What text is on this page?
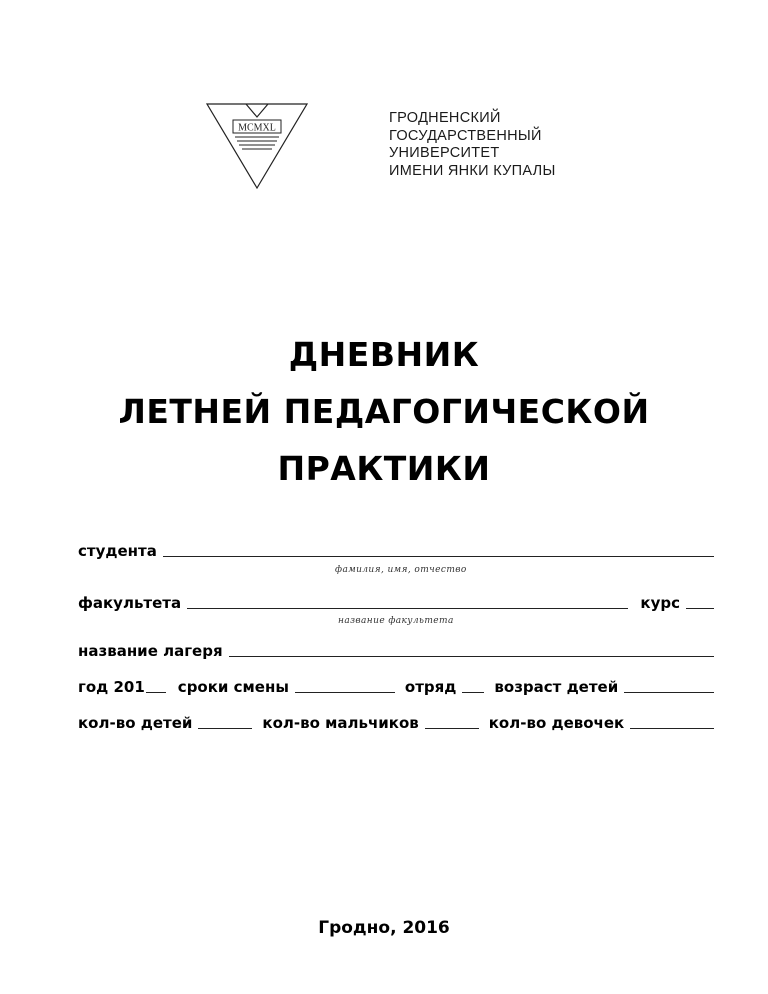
MCMXL
ГРОДНЕНСКИЙ
ГОСУДАРСТВЕННЫЙ
УНИВЕРСИТЕТ
ИМЕНИ ЯНКИ КУПАЛЫ
ДНЕВНИК
ЛЕТНЕЙ ПЕДАГОГИЧЕСКОЙ
ПРАКТИКИ
студента
фамилия, имя, отчество
факультета	курс
название факультета
название лагеря
год 201 сроки смены	отряд	возраст детей
кол-во детей	кол-во мальчиков	кол-во девочек
Гродно, 2016
